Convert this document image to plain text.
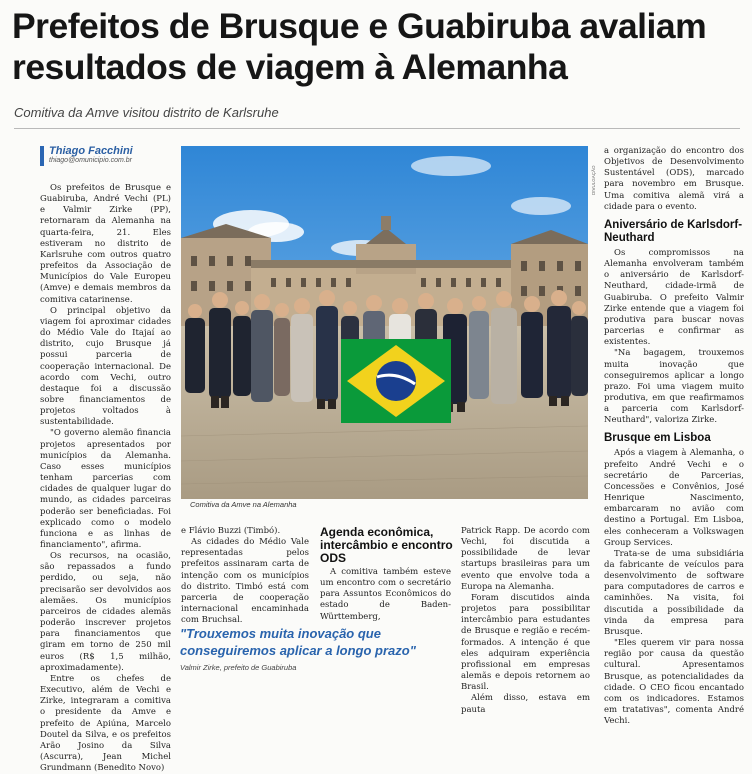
Prefeitos de Brusque e Guabiruba avaliam resultados de viagem à Alemanha
Comitiva da Amve visitou distrito de Karlsruhe
Thiago Facchini
thiago@omunicipio.com.br

Os prefeitos de Brusque e Guabiruba, André Vechi (PL) e Valmir Zirke (PP), retornaram da Alemanha na quarta-feira, 21. Eles estiveram no distrito de Karlsruhe com outros quatro prefeitos da Associação de Municípios do Vale Europeu (Amve) e demais membros da comitiva catarinense.

O principal objetivo da viagem foi aproximar cidades do Médio Vale do Itajaí ao distrito, cujo Brusque já possui parceria de cooperação internacional. De acordo com Vechi, outro destaque foi a discussão sobre financiamentos de projetos voltados à sustentabilidade.

"O governo alemão financia projetos apresentados por municípios da Alemanha. Caso esses municípios tenham parcerias com cidades de qualquer lugar do mundo, as cidades parceiras poderão ser beneficiadas. Foi explicado como o modelo funciona e as linhas de financiamento", afirma.

Os recursos, na ocasião, são repassados a fundo perdido, ou seja, não precisarão ser devolvidos aos alemães. Os municípios parceiros de cidades alemãs poderão inscrever projetos para financiamentos que giram em torno de 250 mil euros (R$ 1,5 milhão, aproximadamente).

Entre os chefes de Executivo, além de Vechi e Zirke, integraram a comitiva o presidente da Amve e prefeito de Apiúna, Marcelo Doutel da Silva, e os prefeitos Arão Josino da Silva (Ascurra), Jean Michel Grundmann (Benedito Novo)

DIVULGAÇÃO
Comitiva da Amve na Alemanha

e Flávio Buzzi (Timbó).

As cidades do Médio Vale representadas pelos prefeitos assinaram carta de intenção com os municípios do distrito. Timbó está com parceria de cooperação internacional encaminhada com Bruchsal.

Agenda econômica, intercâmbio e encontro ODS

A comitiva também esteve um encontro com o secretário para Assuntos Econômicos do estado de Baden-Württemberg,

"Trouxemos muita inovação que conseguiremos aplicar a longo prazo"
Valmir Zirke, prefeito de Guabiruba

Patrick Rapp. De acordo com Vechi, foi discutida a possibilidade de levar startups brasileiras para um evento que envolve toda a Europa na Alemanha.

Foram discutidos ainda projetos para possibilitar intercâmbio para estudantes de Brusque e região e recém-formados. A intenção é que eles adquiram experiência profissional em empresas alemãs e depois retornem ao Brasil.

Além disso, estava em pauta

a organização do encontro dos Objetivos de Desenvolvimento Sustentável (ODS), marcado para novembro em Brusque. Uma comitiva alemã virá a cidade para o evento.

Aniversário de Karlsdorf-Neuthard

Os compromissos na Alemanha envolveram também o aniversário de Karlsdorf-Neuthard, cidade-irmã de Guabiruba. O prefeito Valmir Zirke entende que a viagem foi produtiva para buscar novas parcerias e confirmar as existentes.

"Na bagagem, trouxemos muita inovação que conseguiremos aplicar a longo prazo. Foi uma viagem muito produtiva, em que reafirmamos a parceria com Karlsdorf-Neuthard", valoriza Zirke.

Brusque em Lisboa

Após a viagem à Alemanha, o prefeito André Vechi e o secretário de Parcerias, Concessões e Convênios, José Henrique Nascimento, embarcaram no avião com destino a Portugal. Em Lisboa, eles conheceram a Volkswagen Group Services.

Trata-se de uma subsidiária da fabricante de veículos para desenvolvimento de software para computadores de carros e caminhões. Na visita, foi discutida a possibilidade da vinda da empresa para Brusque.

"Eles querem vir para nossa região por causa da questão cultural. Apresentamos Brusque, as potencialidades da cidade. O CEO ficou encantado com os indicadores. Estamos em tratativas", comenta André Vechi.
